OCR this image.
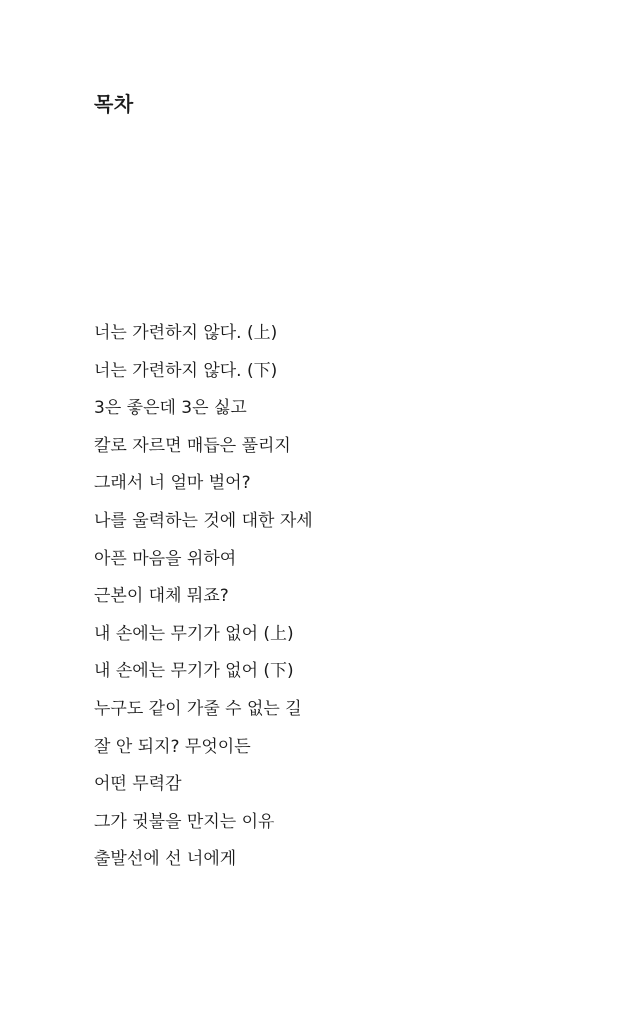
목차
너는 가련하지 않다. (上)
너는 가련하지 않다. (下)
3은 좋은데 3은 싫고
칼로 자르면 매듭은 풀리지
그래서 너 얼마 벌어?
나를 울력하는 것에 대한 자세
아픈 마음을 위하여
근본이 대체 뭐죠?
내 손에는 무기가 없어 (上)
내 손에는 무기가 없어 (下)
누구도 같이 가줄 수 없는 길
잘 안 되지? 무엇이든
어떤 무력감
그가 귓불을 만지는 이유
출발선에 선 너에게
